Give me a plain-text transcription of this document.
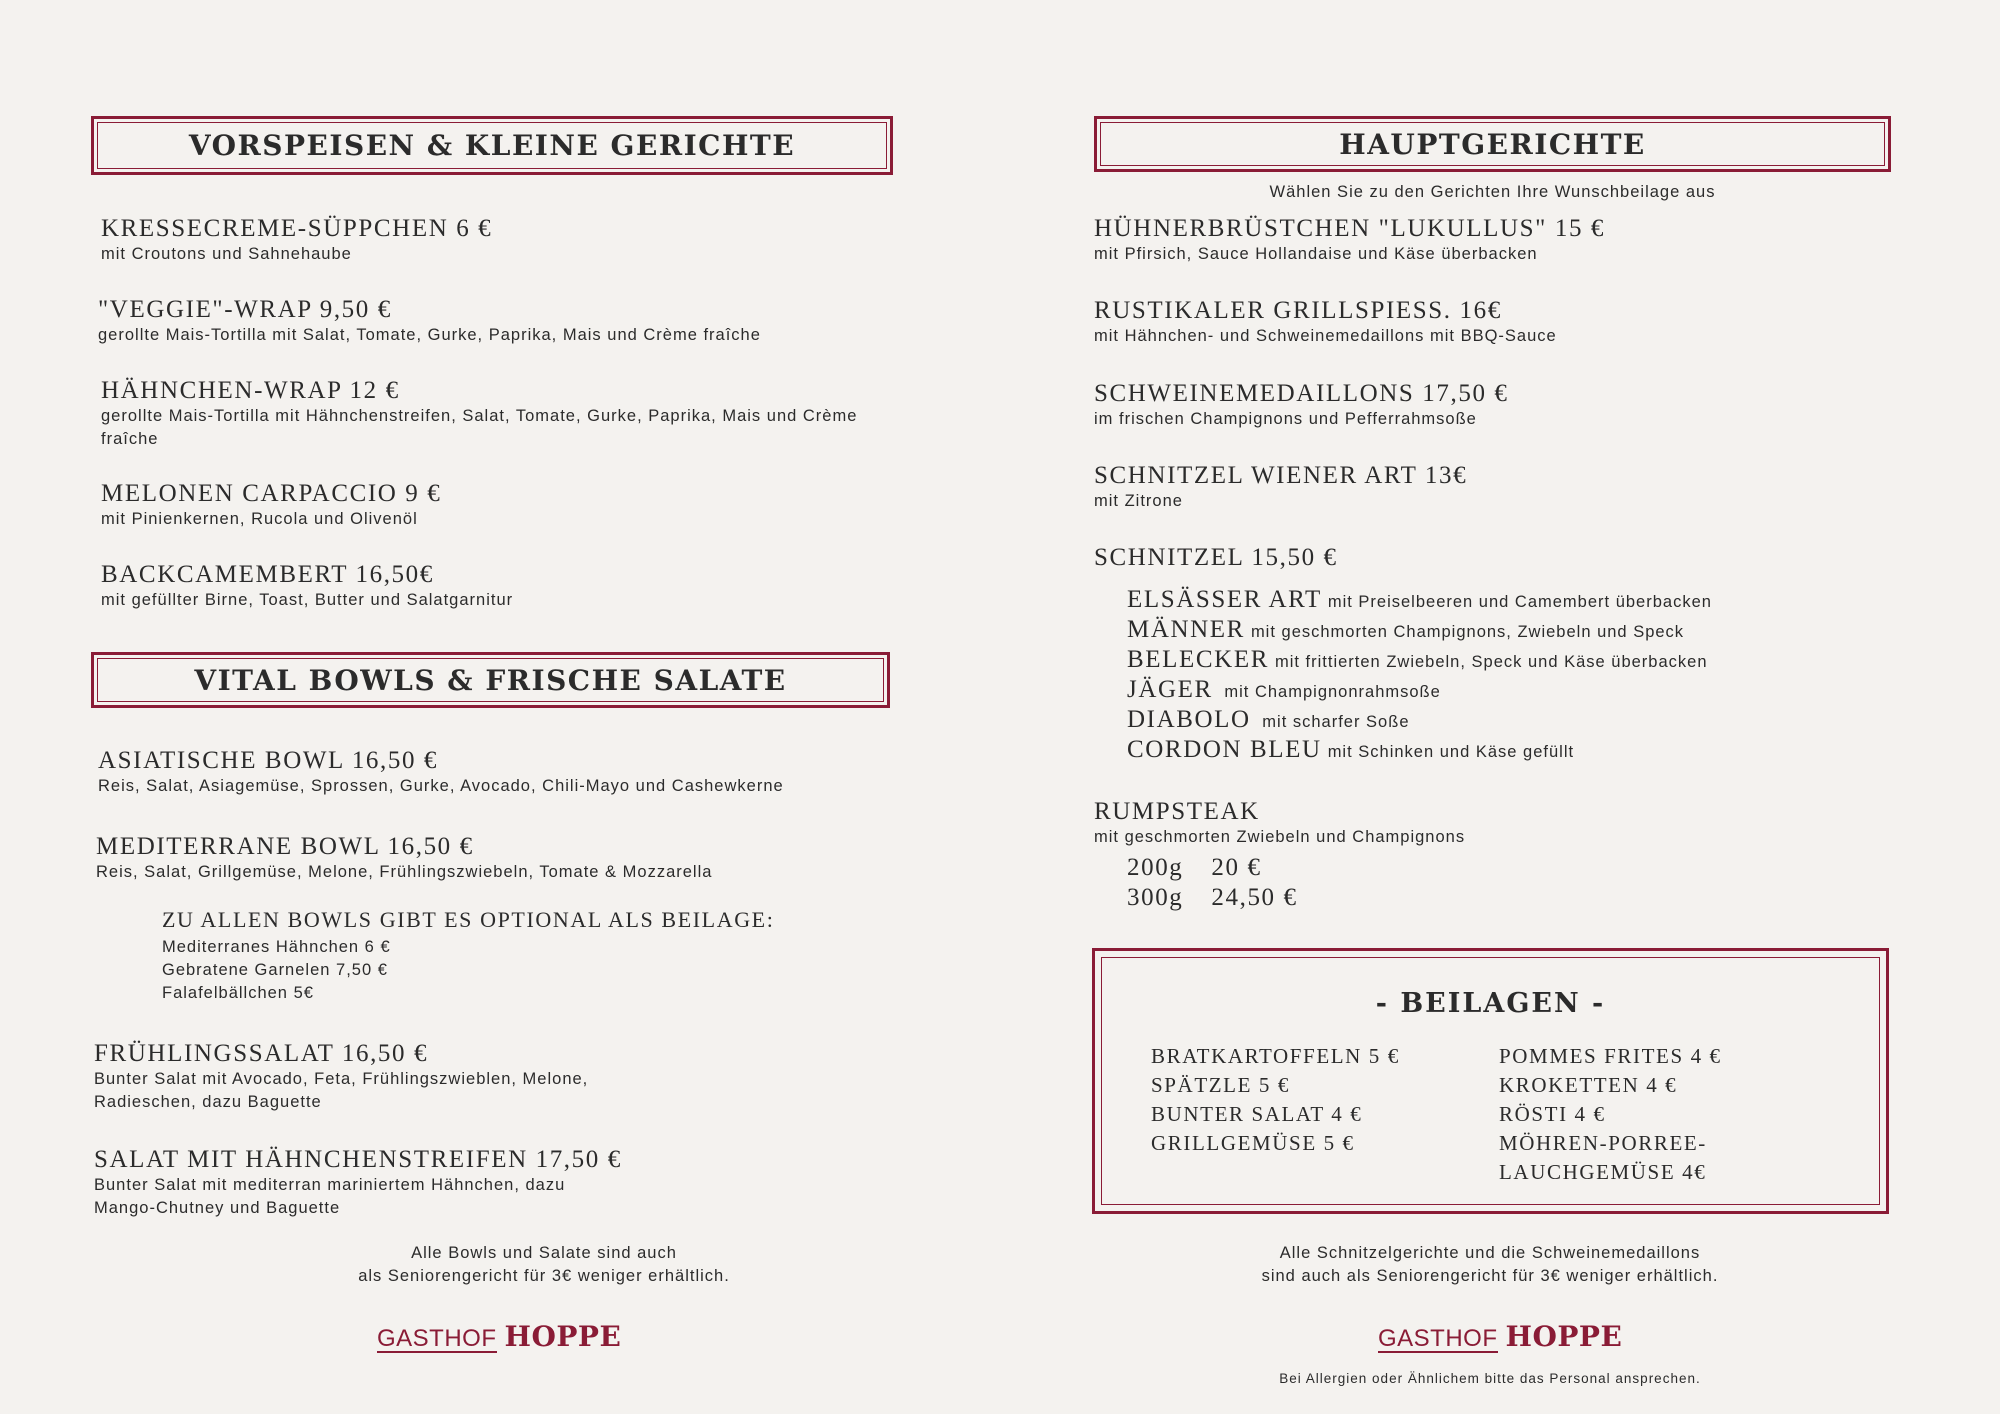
VORSPEISEN & KLEINE GERICHTE
KRESSECREME-SÜPPCHEN 6 €
mit Croutons und Sahnehaube
"VEGGIE"-WRAP 9,50 €
gerollte Mais-Tortilla mit Salat, Tomate, Gurke, Paprika, Mais und Crème fraîche
HÄHNCHEN-WRAP 12 €
gerollte Mais-Tortilla mit Hähnchenstreifen, Salat, Tomate, Gurke, Paprika, Mais und Crème fraîche
MELONEN CARPACCIO 9 €
mit Pinienkernen, Rucola und Olivenöl
BACKCAMEMBERT 16,50€
mit gefüllter Birne, Toast, Butter und Salatgarnitur
VITAL BOWLS & FRISCHE SALATE
ASIATISCHE BOWL 16,50 €
Reis, Salat, Asiagemüse, Sprossen, Gurke, Avocado, Chili-Mayo und Cashewkerne
MEDITERRANE BOWL 16,50 €
Reis, Salat, Grillgemüse, Melone, Frühlingszwiebeln, Tomate & Mozzarella
ZU ALLEN BOWLS GIBT ES OPTIONAL ALS BEILAGE:
Mediterranes Hähnchen 6 €
Gebratene Garnelen 7,50 €
Falafelbällchen 5€
FRÜHLINGSSALAT 16,50 €
Bunter Salat mit Avocado, Feta, Frühlingszwieblen, Melone, Radieschen, dazu Baguette
SALAT MIT HÄHNCHENSTREIFEN 17,50 €
Bunter Salat mit mediterran mariniertem Hähnchen, dazu Mango-Chutney und Baguette
Alle Bowls und Salate sind auch
als Seniorengericht für 3€ weniger erhältlich.
GASTHOF HOPPE
HAUPTGERICHTE
Wählen Sie zu den Gerichten Ihre Wunschbeilage aus
HÜHNERBRÜSTCHEN "LUKULLUS" 15 €
mit Pfirsich, Sauce Hollandaise und Käse überbacken
RUSTIKALER GRILLSPIESS. 16€
mit Hähnchen- und Schweinemedaillons mit BBQ-Sauce
SCHWEINEMEDAILLONS 17,50 €
im frischen Champignons und Pefferrahmsoße
SCHNITZEL WIENER ART 13€
mit Zitrone
SCHNITZEL 15,50 €
ELSÄSSER ART mit Preiselbeeren und Camembert überbacken
MÄNNER mit geschmorten Champignons, Zwiebeln und Speck
BELECKER mit frittierten Zwiebeln, Speck und Käse überbacken
JÄGER mit Champignonrahmsoße
DIABOLO mit scharfer Soße
CORDON BLEU mit Schinken und Käse gefüllt
RUMPSTEAK
mit geschmorten Zwiebeln und Champignons
200g 20 €
300g 24,50 €
- BEILAGEN -
BRATKARTOFFELN 5 €
SPÄTZLE 5 €
BUNTER SALAT 4 €
GRILLGEMÜSE 5 €
POMMES FRITES 4 €
KROKETTEN 4 €
RÖSTI 4 €
MÖHREN-PORREE-
LAUCHGEMÜSE 4€
Alle Schnitzelgerichte und die Schweinemedaillons
sind auch als Seniorengericht für 3€ weniger erhältlich.
GASTHOF HOPPE
Bei Allergien oder Ähnlichem bitte das Personal ansprechen.
